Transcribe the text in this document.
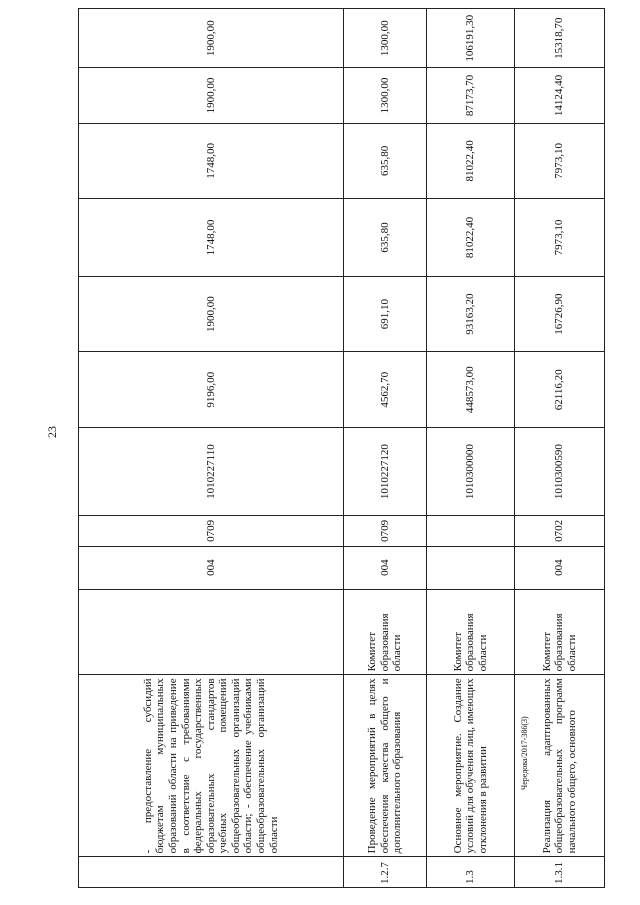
23
	- предоставление субсидий бюджетам муниципальных образований области на приведение в соответствие с требованиями федеральных государственных образовательных стандартов учебных помещений общеобразовательных организаций области; - обеспечение учебниками общеобразовательных организаций области		004	0709	1010227110	9196,00	1900,00	1748,00	1748,00	1900,00	1900,00
1.2.7	Проведение мероприятий в целях обеспечения качества общего и дополнительного образования	Комитет образования области	004	0709	1010227120	4562,70	691,10	635,80	635,80	1300,00	1300,00
1.3	Основное мероприятие. Создание условий для обучения лиц, имеющих отклонения в развитии	Комитет образования области			1010300000	448573,00	93163,20	81022,40	81022,40	87173,70	106191,30
1.3.1	Реализация адаптированных общеобразовательных программ начального общего, основного	Комитет образования области	004	0702	1010300590	62116,20	16726,90	7973,10	7973,10	14124,40	15318,70
Чередова/2017-386(3)
